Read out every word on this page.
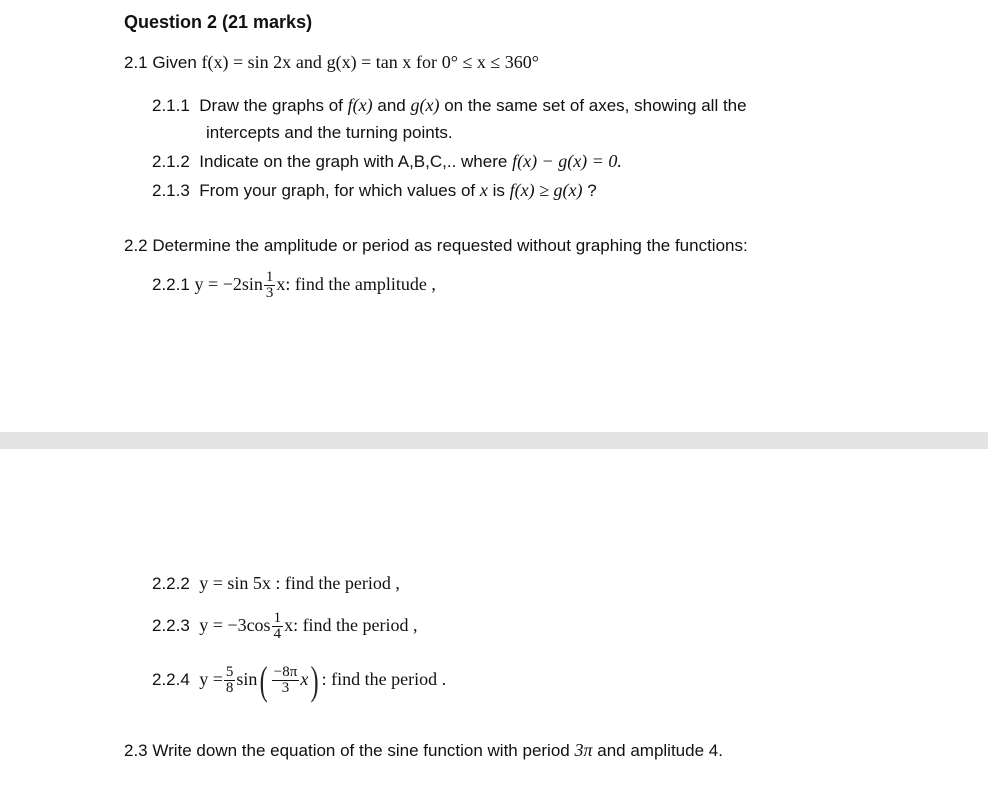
Question 2 (21 marks)
2.1 Given f(x) = sin 2x and g(x) = tan x for 0° ≤ x ≤ 360°
2.1.1 Draw the graphs of f(x) and g(x) on the same set of axes, showing all the
intercepts and the turning points.
2.1.2 Indicate on the graph with A,B,C,.. where f(x) − g(x) = 0.
2.1.3 From your graph, for which values of x is f(x) ≥ g(x) ?
2.2 Determine the amplitude or period as requested without graphing the functions:
2.2.1 $y = -2\sin \frac{1}{3} x$: find the amplitude ,
2.2.2 y = sin 5x : find the period ,
2.2.3 $y = -3\cos \frac{1}{4} x$: find the period ,
2.2.4 $y = \frac{5}{8} \sin( \frac{-8\pi}{3} x)$ : find the period .
2.3 Write down the equation of the sine function with period 3π and amplitude 4.
